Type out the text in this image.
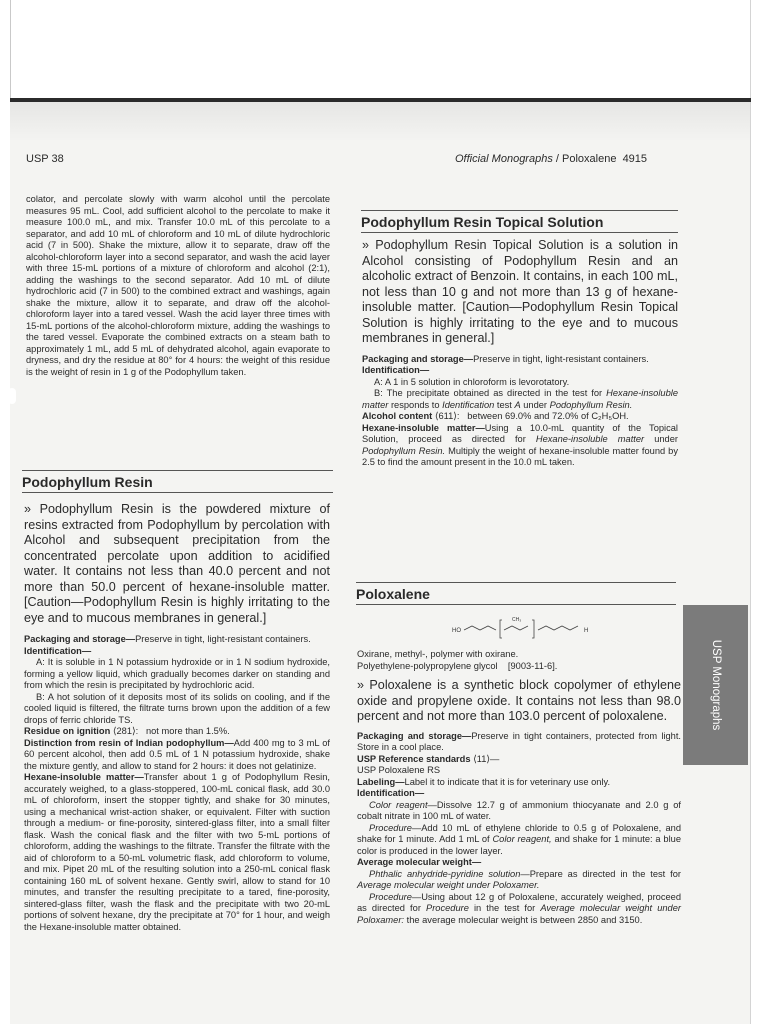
USP 38	Official Monographs / Poloxalene 4915

colator, and percolate slowly with warm alcohol until the percolate measures 95 mL. Cool, add sufficient alcohol to the percolate to make it measure 100.0 mL, and mix. Transfer 10.0 mL of this percolate to a separator, and add 10 mL of chloroform and 10 mL of dilute hydrochloric acid (7 in 500). Shake the mixture, allow it to separate, draw off the alcohol-chloroform layer into a second separator, and wash the acid layer with three 15-mL portions of a mixture of chloroform and alcohol (2:1), adding the washings to the second separator. Add 10 mL of dilute hydrochloric acid (7 in 500) to the combined extract and washings, again shake the mixture, allow it to separate, and draw off the alcohol-chloroform layer into a tared vessel. Wash the acid layer three times with 15-mL portions of the alcohol-chloroform mixture, adding the washings to the tared vessel. Evaporate the combined extracts on a steam bath to approximately 1 mL, add 5 mL of dehydrated alcohol, again evaporate to dryness, and dry the residue at 80° for 4 hours: the weight of this residue is the weight of resin in 1 g of the Podophyllum taken.

Podophyllum Resin

» Podophyllum Resin is the powdered mixture of resins extracted from Podophyllum by percolation with Alcohol and subsequent precipitation from the concentrated percolate upon addition to acidified water. It contains not less than 40.0 percent and not more than 50.0 percent of hexane-insoluble matter. [Caution—Podophyllum Resin is highly irritating to the eye and to mucous membranes in general.]

Packaging and storage—Preserve in tight, light-resistant containers.

Identification—

A: It is soluble in 1 N potassium hydroxide or in 1 N sodium hydroxide, forming a yellow liquid, which gradually becomes darker on standing and from which the resin is precipitated by hydrochloric acid.

B: A hot solution of it deposits most of its solids on cooling, and if the cooled liquid is filtered, the filtrate turns brown upon the addition of a few drops of ferric chloride TS.

Residue on ignition ⟨281⟩: not more than 1.5%.

Distinction from resin of Indian podophyllum—Add 400 mg to 3 mL of 60 percent alcohol, then add 0.5 mL of 1 N potassium hydroxide, shake the mixture gently, and allow to stand for 2 hours: it does not gelatinize.

Hexane-insoluble matter—Transfer about 1 g of Podophyllum Resin, accurately weighed, to a glass-stoppered, 100-mL conical flask, add 30.0 mL of chloroform, insert the stopper tightly, and shake for 30 minutes, using a mechanical wrist-action shaker, or equivalent. Filter with suction through a medium- or fine-porosity, sintered-glass filter, into a small filter flask. Wash the conical flask and the filter with two 5-mL portions of chloroform, adding the washings to the filtrate. Transfer the filtrate with the aid of chloroform to a 50-mL volumetric flask, add chloroform to volume, and mix. Pipet 20 mL of the resulting solution into a 250-mL conical flask containing 160 mL of solvent hexane. Gently swirl, allow to stand for 10 minutes, and transfer the resulting precipitate to a tared, fine-porosity, sintered-glass filter, wash the flask and the precipitate with two 20-mL portions of solvent hexane, dry the precipitate at 70° for 1 hour, and weigh the Hexane-insoluble matter obtained.

Podophyllum Resin Topical Solution

» Podophyllum Resin Topical Solution is a solution in Alcohol consisting of Podophyllum Resin and an alcoholic extract of Benzoin. It contains, in each 100 mL, not less than 10 g and not more than 13 g of hexane-insoluble matter. [Caution—Podophyllum Resin Topical Solution is highly irritating to the eye and to mucous membranes in general.]

Packaging and storage—Preserve in tight, light-resistant containers.

Identification—

A: A 1 in 5 solution in chloroform is levorotatory.

B: The precipitate obtained as directed in the test for Hexane-insoluble matter responds to Identification test A under Podophyllum Resin.

Alcohol content ⟨611⟩: between 69.0% and 72.0% of C₂H₅OH.

Hexane-insoluble matter—Using a 10.0-mL quantity of the Topical Solution, proceed as directed for Hexane-insoluble matter under Podophyllum Resin. Multiply the weight of hexane-insoluble matter found by 2.5 to find the amount present in the 10.0 mL taken.

Poloxalene
HO
CH₃
H

Oxirane, methyl-, polymer with oxirane.

Polyethylene-polypropylene glycol [9003-11-6].

» Poloxalene is a synthetic block copolymer of ethylene oxide and propylene oxide. It contains not less than 98.0 percent and not more than 103.0 percent of poloxalene.

Packaging and storage—Preserve in tight containers, protected from light. Store in a cool place.

USP Reference standards ⟨11⟩—

USP Poloxalene RS

Labeling—Label it to indicate that it is for veterinary use only.

Identification—

Color reagent—Dissolve 12.7 g of ammonium thiocyanate and 2.0 g of cobalt nitrate in 100 mL of water.

Procedure—Add 10 mL of ethylene chloride to 0.5 g of Poloxalene, and shake for 1 minute. Add 1 mL of Color reagent, and shake for 1 minute: a blue color is produced in the lower layer.

Average molecular weight—

Phthalic anhydride-pyridine solution—Prepare as directed in the test for Average molecular weight under Poloxamer.

Procedure—Using about 12 g of Poloxalene, accurately weighed, proceed as directed for Procedure in the test for Average molecular weight under Poloxamer: the average molecular weight is between 2850 and 3150.

USP Monographs
